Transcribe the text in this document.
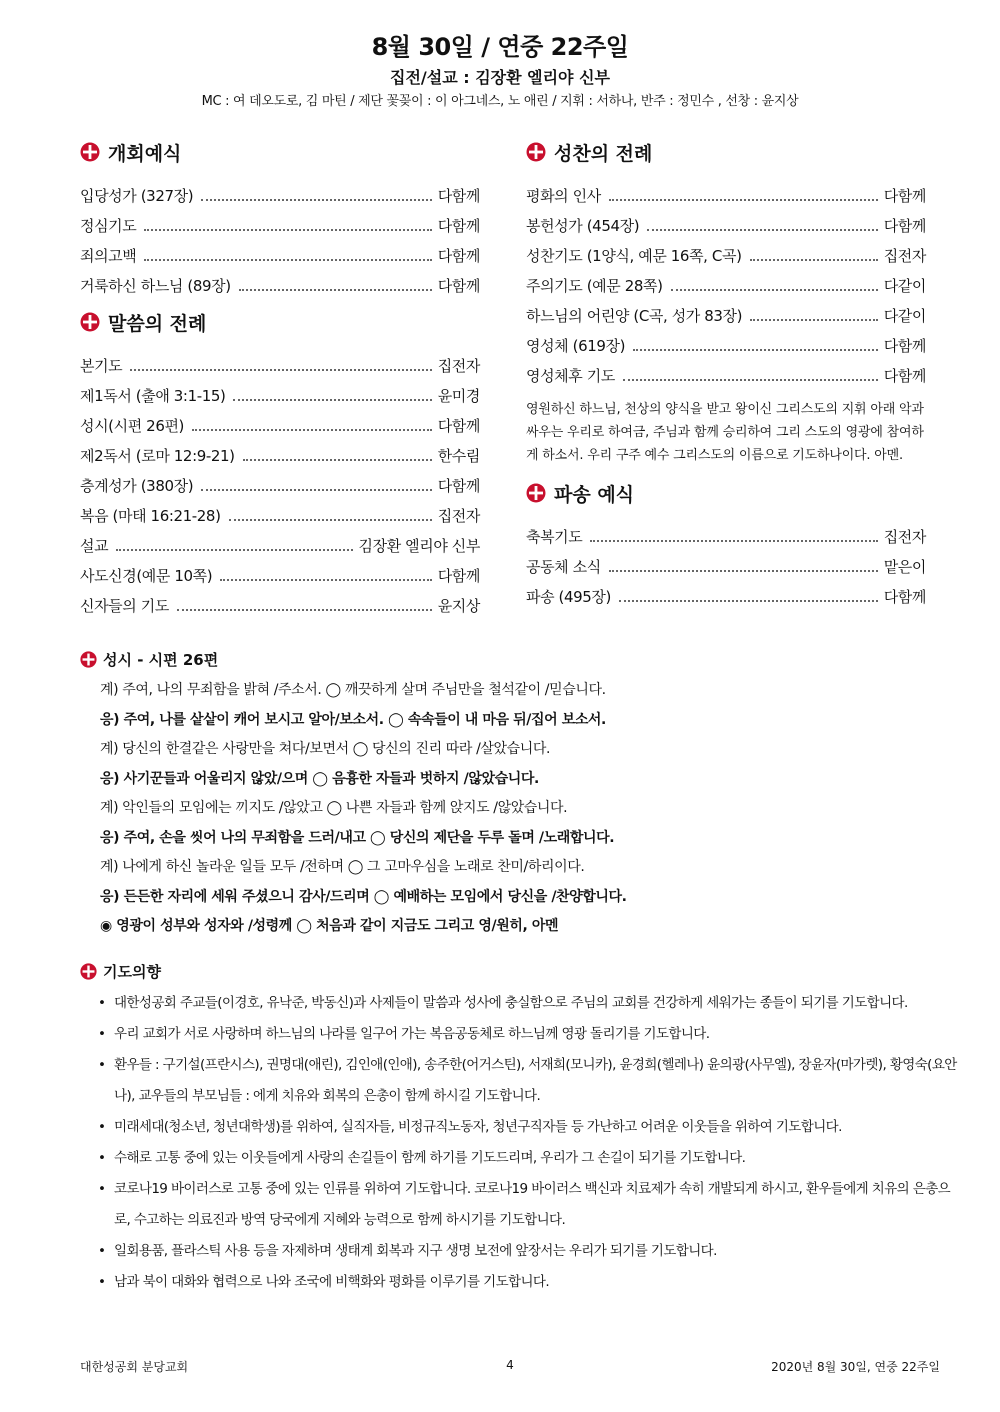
8월 30일 / 연중 22주일
집전/설교 : 김장환 엘리야 신부
MC : 여 데오도로, 김 마틴 / 제단 꽃꽂이 : 이 아그네스, 노 애린 / 지휘 : 서하나, 반주 : 정민수 , 선창 : 윤지상
개회예식
입당성가 (327장)	다함께
정심기도	다함께
죄의고백	다함께
거룩하신 하느님 (89장)	다함께
말씀의 전례
본기도	집전자
제1독서 (출애 3:1-15)	윤미경
성시(시편 26편)	다함께
제2독서 (로마 12:9-21)	한수림
층계성가 (380장)	다함께
복음 (마태 16:21-28)	집전자
설교	김장환 엘리야 신부
사도신경(예문 10쪽)	다함께
신자들의 기도	윤지상
성찬의 전례
평화의 인사	다함께
봉헌성가 (454장)	다함께
성찬기도 (1양식, 예문 16쪽, C곡)	집전자
주의기도 (예문 28쪽)	다같이
하느님의 어린양 (C곡, 성가 83장)	다같이
영성체 (619장)	다함께
영성체후 기도	다함께
영원하신 하느님, 천상의 양식을 받고 왕이신 그리스도의 지휘 아래 악과 싸우는 우리로 하여금, 주님과 함께 승리하여 그리 스도의 영광에 참여하게 하소서. 우리 구주 예수 그리스도의 이름으로 기도하나이다. 아멘.
파송 예식
축복기도	집전자
공동체 소식	맡은이
파송 (495장)	다함께
성시 - 시편 26편
계) 주여, 나의 무죄함을 밝혀 /주소서. ◯ 깨끗하게 살며 주님만을 철석같이 /믿습니다.
응) 주여, 나를 샅샅이 캐어 보시고 알아/보소서. ◯ 속속들이 내 마음 뒤/집어 보소서.
계) 당신의 한결같은 사랑만을 쳐다/보면서 ◯ 당신의 진리 따라 /살았습니다.
응) 사기꾼들과 어울리지 않았/으며 ◯ 음흉한 자들과 벗하지 /않았습니다.
계) 악인들의 모임에는 끼지도 /않았고 ◯ 나쁜 자들과 함께 앉지도 /않았습니다.
응) 주여, 손을 씻어 나의 무죄함을 드러/내고 ◯ 당신의 제단을 두루 돌며 /노래합니다.
계) 나에게 하신 놀라운 일들 모두 /전하며 ◯ 그 고마우심을 노래로 찬미/하리이다.
응) 든든한 자리에 세워 주셨으니 감사/드리며 ◯ 예배하는 모임에서 당신을 /찬양합니다.
◉ 영광이 성부와 성자와 /성령께 ◯ 처음과 같이 지금도 그리고 영/원히, 아멘
기도의향
• 대한성공회 주교들(이경호, 유낙준, 박동신)과 사제들이 말씀과 성사에 충실함으로 주님의 교회를 건강하게 세워가는 종들이 되기를 기도합니다.
• 우리 교회가 서로 사랑하며 하느님의 나라를 일구어 가는 복음공동체로 하느님께 영광 돌리기를 기도합니다.
• 환우들 : 구기설(프란시스), 권명대(애린), 김인애(인애), 송주한(어거스틴), 서재희(모니카), 윤경희(헬레나) 윤의광(사무엘), 장윤자(마가렛), 황영숙(요안나), 교우들의 부모님들 : 에게 치유와 회복의 은총이 함께 하시길 기도합니다.
• 미래세대(청소년, 청년대학생)를 위하여, 실직자들, 비정규직노동자, 청년구직자들 등 가난하고 어려운 이웃들을 위하여 기도합니다.
• 수해로 고통 중에 있는 이웃들에게 사랑의 손길들이 함께 하기를 기도드리며, 우리가 그 손길이 되기를 기도합니다.
• 코로나19 바이러스로 고통 중에 있는 인류를 위하여 기도합니다. 코로나19 바이러스 백신과 치료제가 속히 개발되게 하시고, 환우들에게 치유의 은총으로, 수고하는 의료진과 방역 당국에게 지혜와 능력으로 함께 하시기를 기도합니다.
• 일회용품, 플라스틱 사용 등을 자제하며 생태계 회복과 지구 생명 보전에 앞장서는 우리가 되기를 기도합니다.
• 남과 북이 대화와 협력으로 나와 조국에 비핵화와 평화를 이루기를 기도합니다.
대한성공회 분당교회	4	2020년 8월 30일, 연중 22주일
